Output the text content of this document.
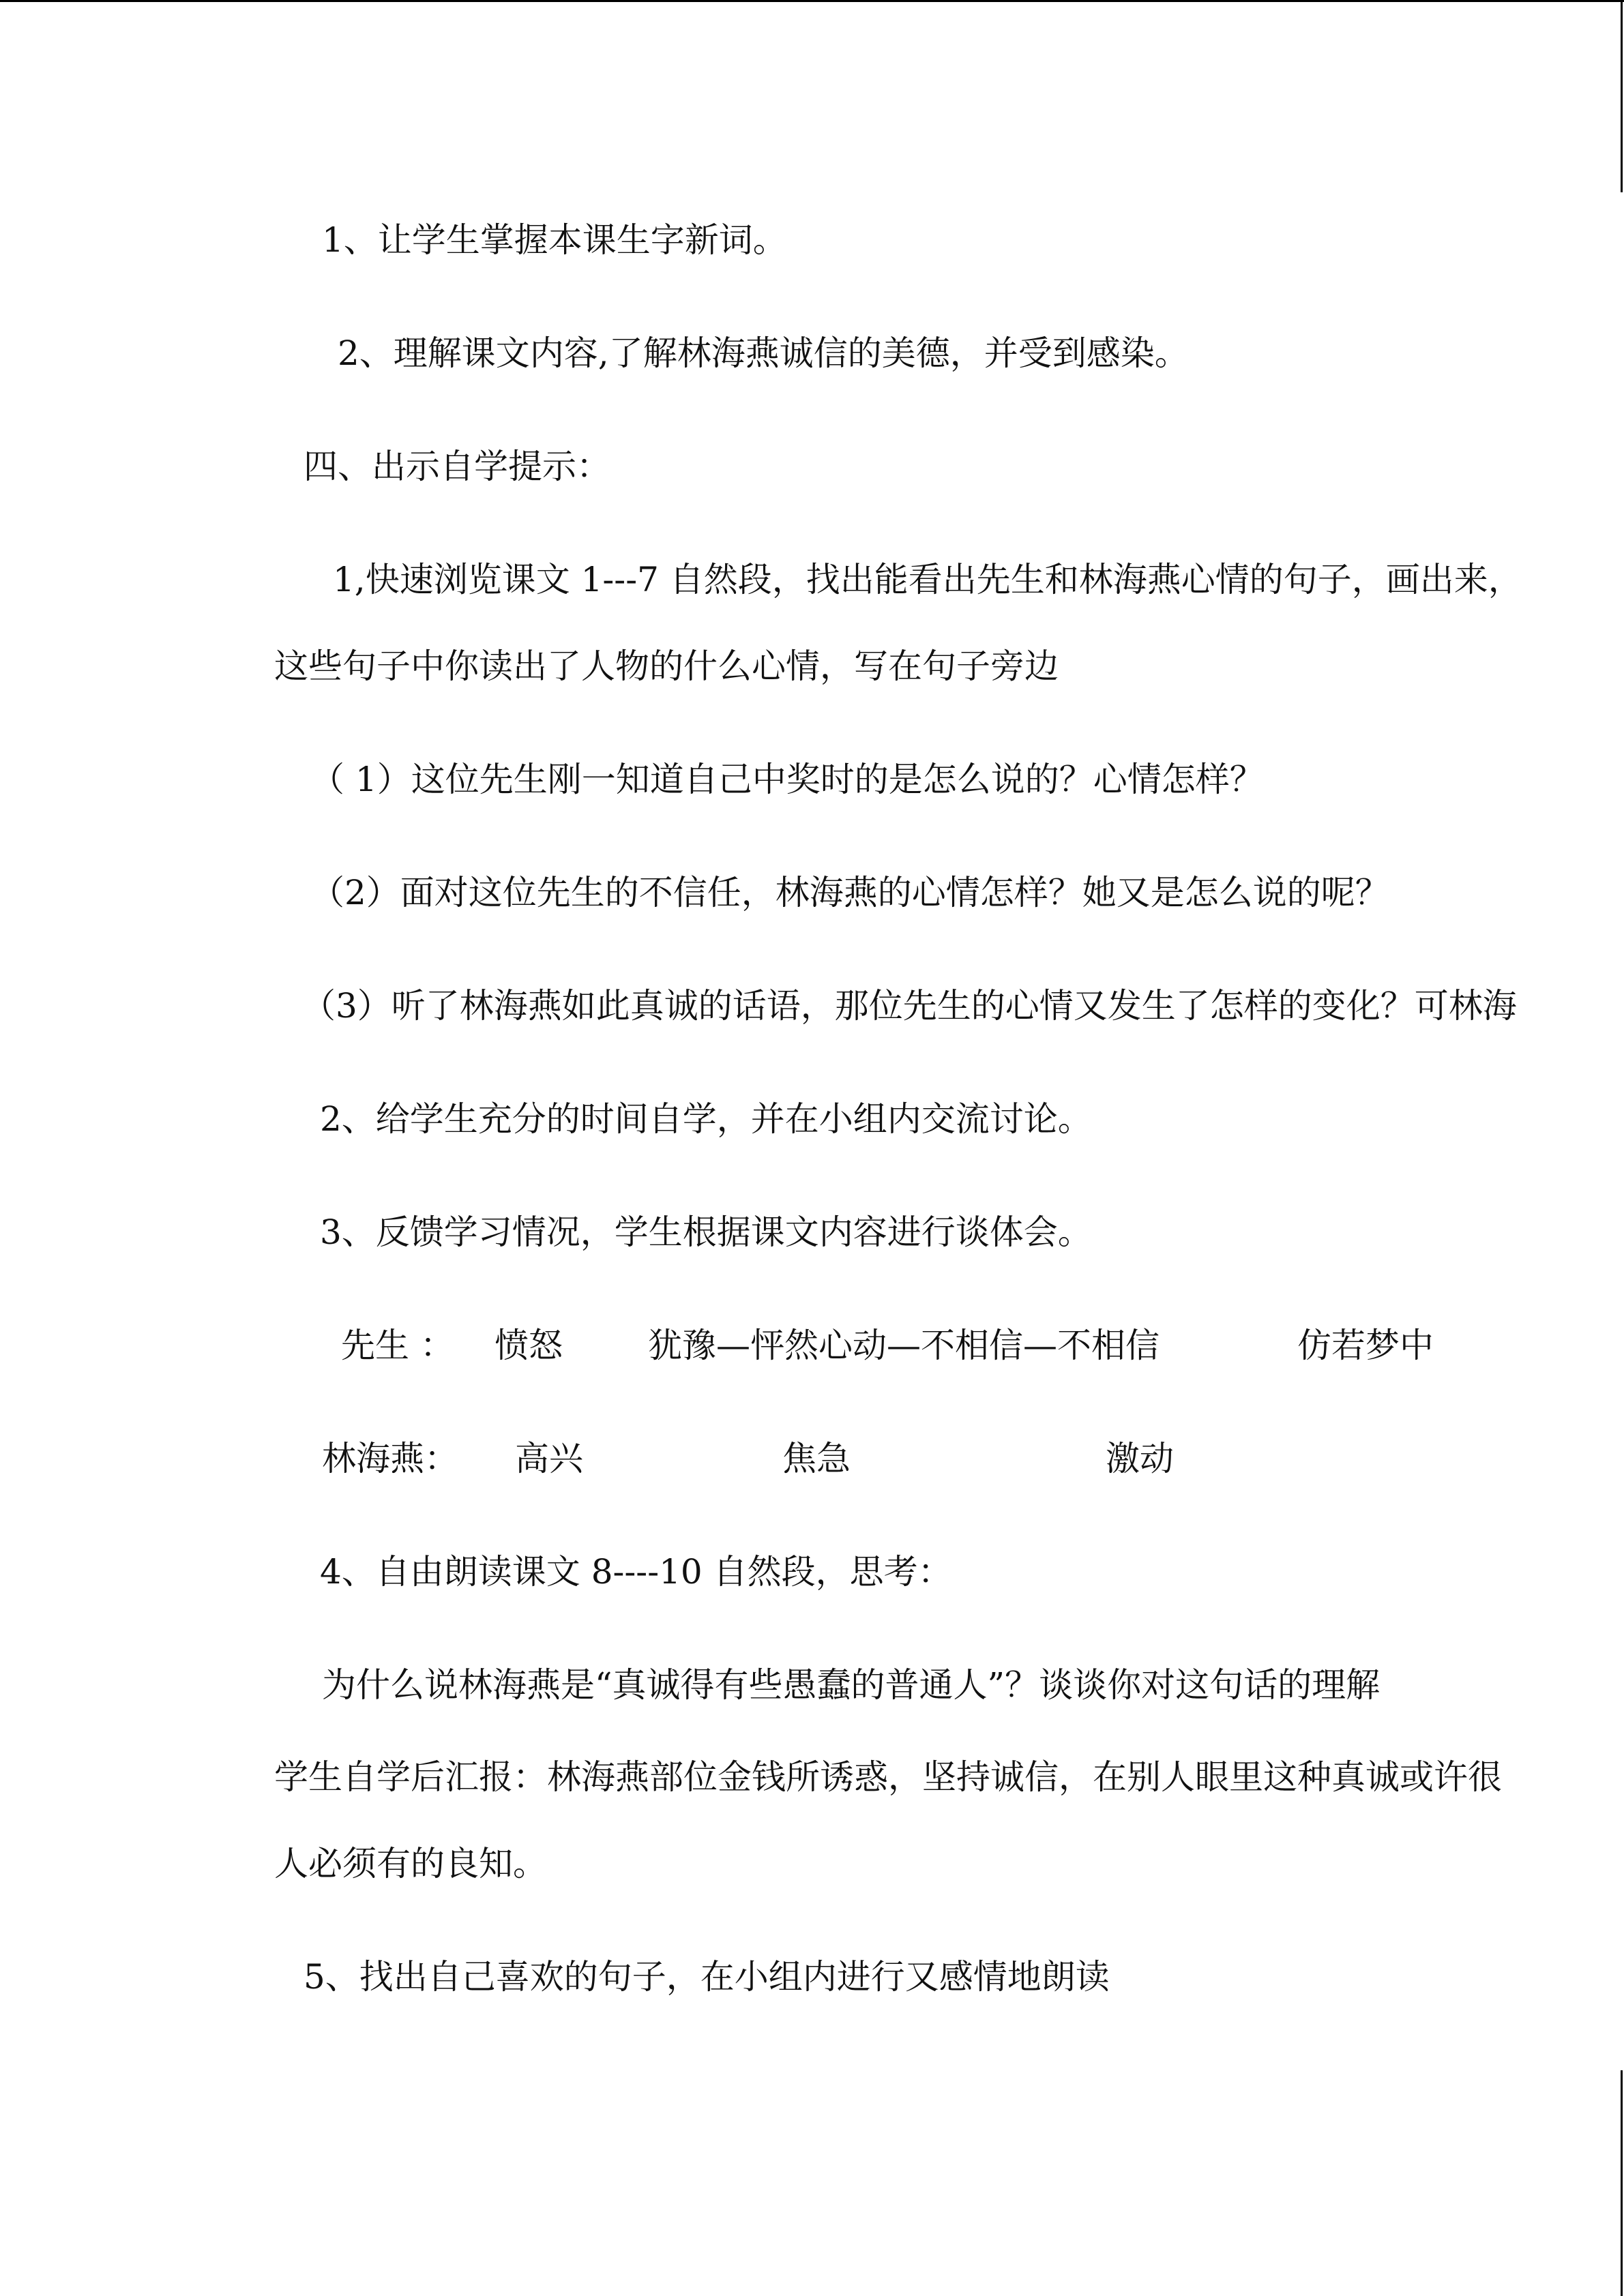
1、让学生掌握本课生字新词。

2、理解课文内容,了解林海燕诚信的美德，并受到感染。

四、出示自学提示：

1,快速浏览课文 1---7 自然段，找出能看出先生和林海燕心情的句子，画出来，

这些句子中你读出了人物的什么心情，写在句子旁边

（ 1）这位先生刚一知道自己中奖时的是怎么说的？心情怎样？

（2）面对这位先生的不信任，林海燕的心情怎样？她又是怎么说的呢？

（3）听了林海燕如此真诚的话语，那位先生的心情又发生了怎样的变化？可林海

2、给学生充分的时间自学，并在小组内交流讨论。

3、反馈学习情况，学生根据课文内容进行谈体会。

先生 ： 愤怒	犹豫—怦然心动—不相信—不相信	仿若梦中
林海燕： 高兴	焦急	激动

4、自由朗读课文 8----10 自然段，思考：

为什么说林海燕是“真诚得有些愚蠢的普通人”？谈谈你对这句话的理解

学生自学后汇报：林海燕部位金钱所诱惑，坚持诚信，在别人眼里这种真诚或许很

人必须有的良知。

5、找出自己喜欢的句子，在小组内进行又感情地朗读
